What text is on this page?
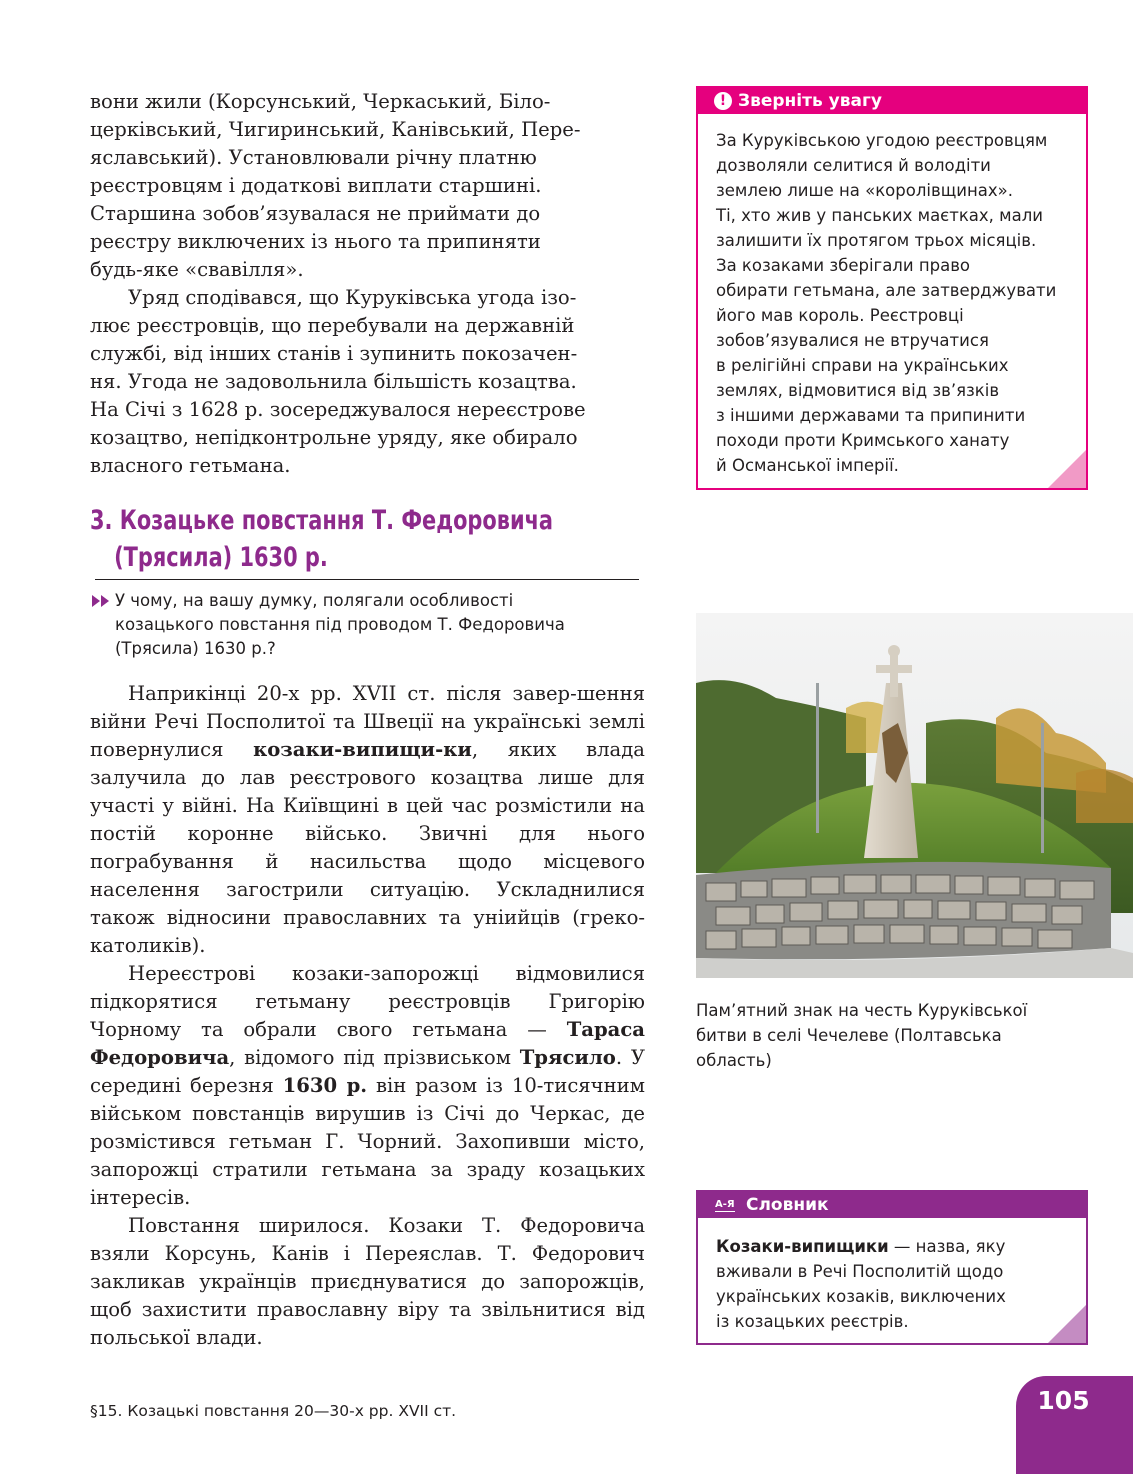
вони жили (Корсунський, Черкаський, Біло-
церківський, Чигиринський, Канівський, Пере-
яславський). Установлювали річну платню
реєстровцям і додаткові виплати старшині.
Старшина зобов’язувалася не приймати до
реєстру виключених із нього та припиняти
будь-яке «свавілля».

Уряд сподівався, що Куруківська угода ізо-
лює реєстровців, що перебували на державній
службі, від інших станів і зупинить покозачен-
ня. Угода не задовольнила більшість козацтва.
На Січі з 1628 р. зосереджувалося нереєстрове
козацтво, непідконтрольне уряду, яке обирало
власного гетьмана.

3. Козацьке повстання Т. Федоровича
(Трясила) 1630 р.
У чому, на вашу думку, полягали особливості
козацького повстання під проводом Т. Федоровича
(Трясила) 1630 р.?

Наприкінці 20-х рр. XVII ст. після завер-шення війни Речі Посполитої та Швеції на українські землі повернулися козаки-випищи-ки, яких влада залучила до лав реєстрового козацтва лише для участі у війні. На Київщині в цей час розмістили на постій коронне військо. Звичні для нього пограбування й насильства щодо місцевого населення загострили ситуацію. Ускладнилися також відносини православних та уніийців (греко-католиків).

Нереєстрові козаки-запорожці відмовилися підкорятися гетьману реєстровців Григорію Чорному та обрали свого гетьмана — Тараса Федоровича, відомого під прізвиськом Трясило. У середині березня 1630 р. він разом із 10-тисячним військом повстанців вирушив із Січі до Черкас, де розмістився гетьман Г. Чорний. Захопивши місто, запорожці стратили гетьмана за зраду козацьких інтересів.

Повстання ширилося. Козаки Т. Федоровича взяли Корсунь, Канів і Переяслав. Т. Федорович закликав українців приєднуватися до запорожців, щоб захистити православну віру та звільнитися від польської влади.

! Зверніть увагу
За Куруківською угодою реєстровцям
дозволяли селитися й володіти
землею лише на «королівщинах».
Ті, хто жив у панських маєтках, мали
залишити їх протягом трьох місяців.
За козаками зберігали право
обирати гетьмана, але затверджувати
його мав король. Реєстровці
зобов’язувалися не втручатися
в релігійні справи на українських
землях, відмовитися від зв’язків
з іншими державами та припинити
походи проти Кримського ханату
й Османської імперії.
Пам’ятний знак на честь Куруківської
битви в селі Чечелеве (Полтавська
область)
А-Я Словник
Козаки-випищики — назва, яку
вживали в Речі Посполитій щодо
українських козаків, виключених
із козацьких реєстрів.
§15. Козацькі повстання 20—30-х рр. XVII ст.	105
